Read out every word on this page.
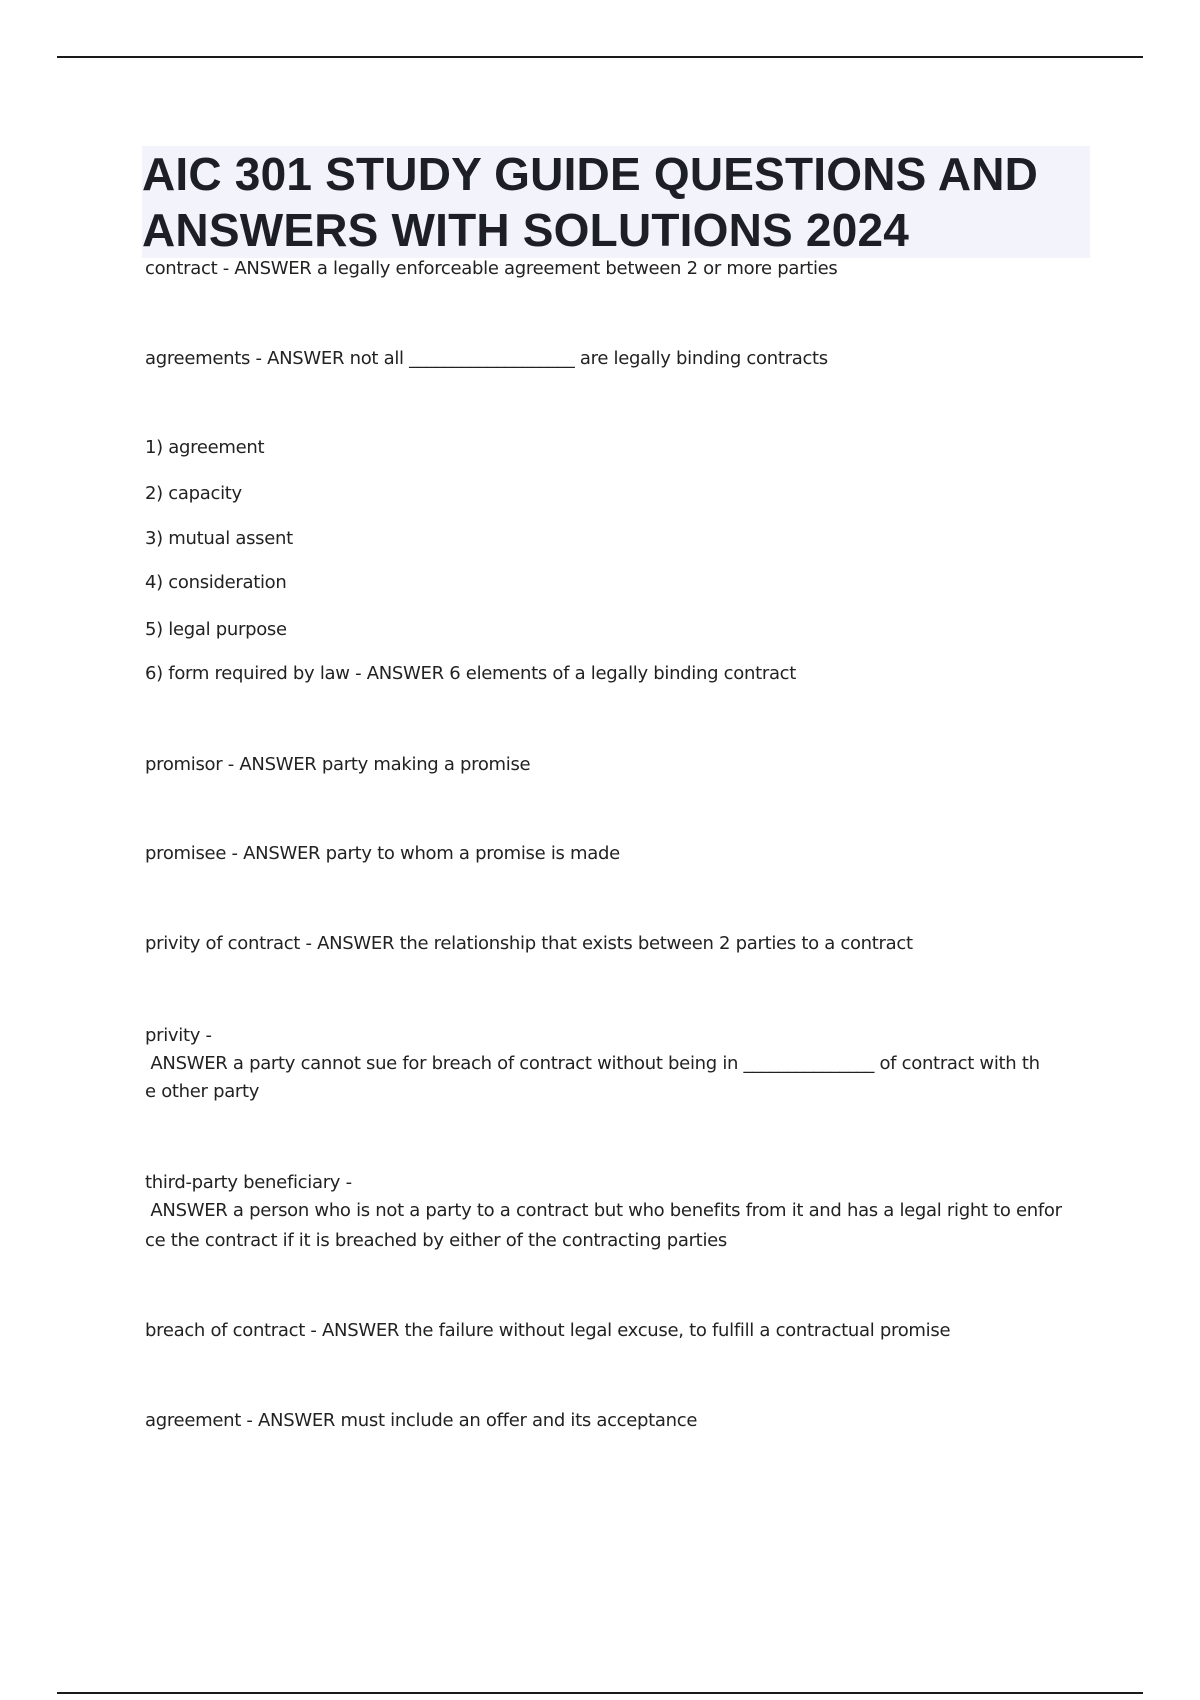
AIC 301 STUDY GUIDE QUESTIONS AND
ANSWERS WITH SOLUTIONS 2024
contract - ANSWER a legally enforceable agreement between 2 or more parties
agreements - ANSWER not all ___________________ are legally binding contracts
1) agreement
2) capacity
3) mutual assent
4) consideration
5) legal purpose
6) form required by law - ANSWER 6 elements of a legally binding contract
promisor - ANSWER party making a promise
promisee - ANSWER party to whom a promise is made
privity of contract - ANSWER the relationship that exists between 2 parties to a contract
privity -
ANSWER a party cannot sue for breach of contract without being in _______________ of contract with th
e other party
third-party beneficiary -
ANSWER a person who is not a party to a contract but who benefits from it and has a legal right to enfor
ce the contract if it is breached by either of the contracting parties
breach of contract - ANSWER the failure without legal excuse, to fulfill a contractual promise
agreement - ANSWER must include an offer and its acceptance
